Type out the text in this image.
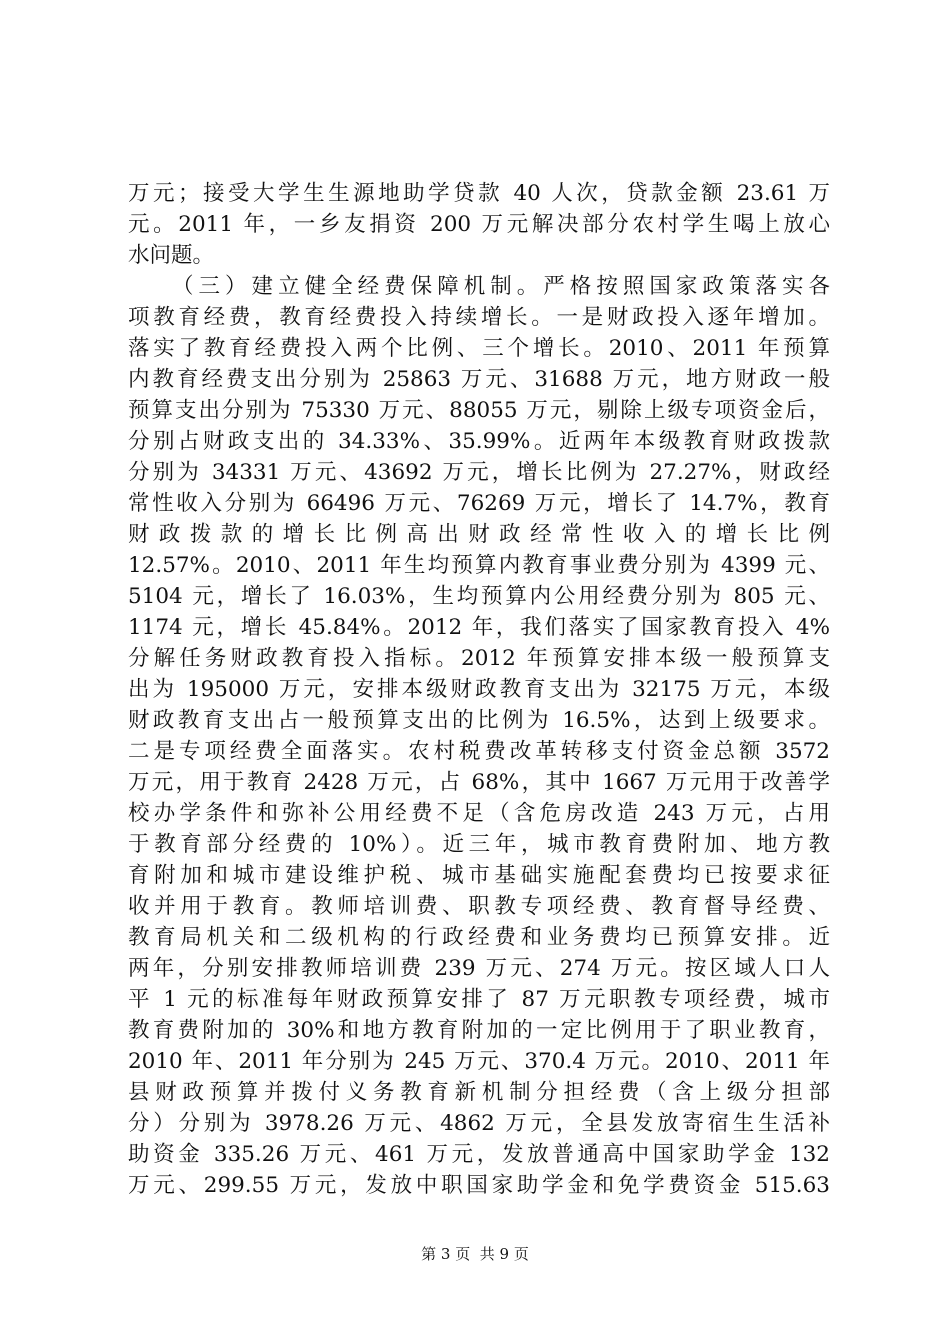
万元；接受大学生生源地助学贷款 40 人次，贷款金额 23.61 万
元。2011 年，一乡友捐资 200 万元解决部分农村学生喝上放心
水问题。
（三）建立健全经费保障机制。严格按照国家政策落实各
项教育经费，教育经费投入持续增长。一是财政投入逐年增加。
落实了教育经费投入两个比例、三个增长。2010、2011 年预算
内教育经费支出分别为 25863 万元、31688 万元，地方财政一般
预算支出分别为 75330 万元、88055 万元，剔除上级专项资金后，
分别占财政支出的 34.33%、35.99%。近两年本级教育财政拨款
分别为 34331 万元、43692 万元，增长比例为 27.27%，财政经
常性收入分别为 66496 万元、76269 万元，增长了 14.7%，教育
财政拨款的增长比例高出财政经常性收入的增长比例
12.57%。2010、2011 年生均预算内教育事业费分别为 4399 元、
5104 元，增长了 16.03%，生均预算内公用经费分别为 805 元、
1174 元，增长 45.84%。2012 年，我们落实了国家教育投入 4%
分解任务财政教育投入指标。2012 年预算安排本级一般预算支
出为 195000 万元，安排本级财政教育支出为 32175 万元，本级
财政教育支出占一般预算支出的比例为 16.5%，达到上级要求。
二是专项经费全面落实。农村税费改革转移支付资金总额 3572
万元，用于教育 2428 万元，占 68%，其中 1667 万元用于改善学
校办学条件和弥补公用经费不足（含危房改造 243 万元，占用
于教育部分经费的 10%）。近三年，城市教育费附加、地方教
育附加和城市建设维护税、城市基础实施配套费均已按要求征
收并用于教育。教师培训费、职教专项经费、教育督导经费、
教育局机关和二级机构的行政经费和业务费均已预算安排。近
两年，分别安排教师培训费 239 万元、274 万元。按区域人口人
平 1 元的标准每年财政预算安排了 87 万元职教专项经费，城市
教育费附加的 30%和地方教育附加的一定比例用于了职业教育，
2010 年、2011 年分别为 245 万元、370.4 万元。2010、2011 年
县财政预算并拨付义务教育新机制分担经费（含上级分担部
分）分别为 3978.26 万元、4862 万元，全县发放寄宿生生活补
助资金 335.26 万元、461 万元，发放普通高中国家助学金 132
万元、299.55 万元，发放中职国家助学金和免学费资金 515.63
第 3 页  共 9 页
